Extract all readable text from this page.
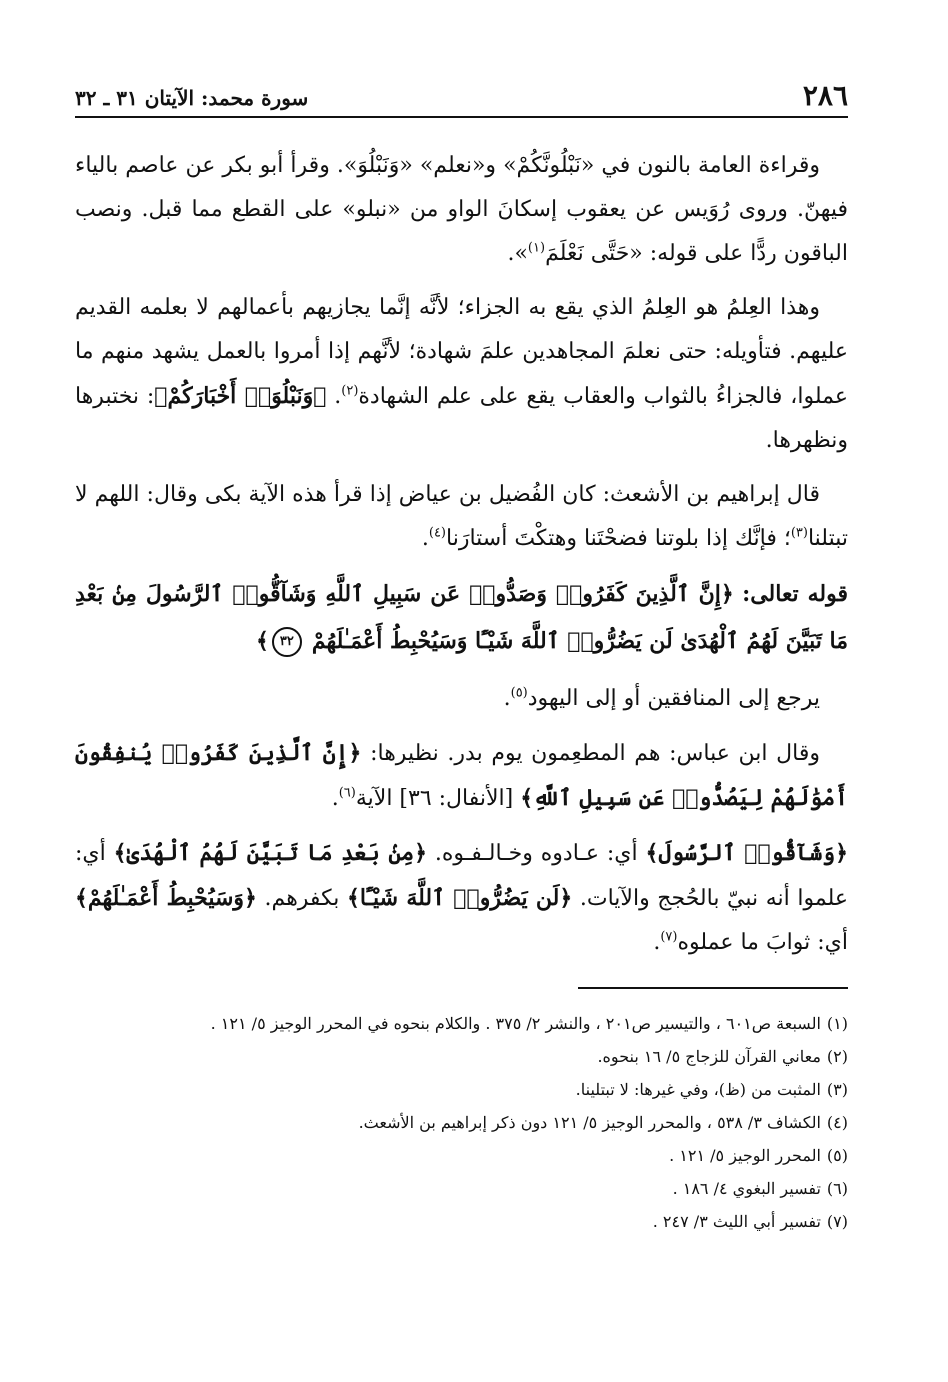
٢٨٦
سورة محمد: الآيتان ٣١ ـ ٣٢

وقراءة العامة بالنون في «نَبْلُونَّكُمْ» و«نعلم» «وَنَبْلُوَ». وقرأ أبو بكر عن عاصم بالياء فيهنّ. وروى رُوَيس عن يعقوب إسكانَ الواو من «نبلو» على القطع مما قبل. ونصب الباقون ردًّا على قوله: «حَتَّى نَعْلَمَ$^{(١)}$».

وهذا العِلمُ هو العِلمُ الذي يقع به الجزاء؛ لأنَّه إنَّما يجازيهم بأعمالهم لا بعلمه القديم عليهم. فتأويله: حتى نعلمَ المجاهدين علمَ شهادة؛ لأنَّهم إذا أمروا بالعمل يشهد منهم ما عملوا، فالجزاءُ بالثواب والعقاب يقع على علم الشهادة$^{(٢)}$. ﴿وَنَبْلُوَا۟ أَخْبَارَكُمْ﴾: نختبرها ونظهرها.

قال إبراهيم بن الأشعث: كان الفُضيل بن عياض إذا قرأ هذه الآية بكى وقال: اللهم لا تبتلنا$^{(٣)}$؛ فإنَّك إذا بلوتنا فضحْتَنا وهتكْتَ أستارَنا$^{(٤)}$.

قوله تعالى: ﴿إِنَّ ٱلَّذِينَ كَفَرُوا۟ وَصَدُّوا۟ عَن سَبِيلِ ٱللَّهِ وَشَآقُّوا۟ ٱلرَّسُولَ مِنۢ بَعْدِ مَا تَبَيَّنَ لَهُمُ ٱلْهُدَىٰ لَن يَضُرُّوا۟ ٱللَّهَ شَيْـًٔا وَسَيُحْبِطُ أَعْمَـٰلَهُمْ ٣٢﴾

يرجع إلى المنافقين أو إلى اليهود$^{(٥)}$.

وقال ابن عباس: هم المطعِمون يوم بدر. نظيرها: ﴿إِنَّ ٱلَّذِينَ كَفَرُوا۟ يُنفِقُونَ أَمْوَٰلَهُمْ لِيَصُدُّوا۟ عَن سَبِيلِ ٱللَّهِ﴾ [الأنفال: ٣٦] الآية$^{(٦)}$.

﴿وَشَآقُّوا۟ ٱلرَّسُولَ﴾ أي: عـادوه وخـالـفـوه. ﴿مِنۢ بَعْدِ مَا تَبَيَّنَ لَهُمُ ٱلْهُدَىٰ﴾ أي: علموا أنه نبيّ بالحُجج والآيات. ﴿لَن يَضُرُّوا۟ ٱللَّهَ شَيْـًٔا﴾ بكفرهم. ﴿وَسَيُحْبِطُ أَعْمَـٰلَهُمْ﴾ أي: ثوابَ ما عملوه$^{(٧)}$.

(١)السبعة ص٦٠١ ، والتيسير ص٢٠١ ، والنشر ٢/ ٣٧٥ . والكلام بنحوه في المحرر الوجيز ٥/ ١٢١ .

(٢)معاني القرآن للزجاج ٥/ ١٦ بنحوه.

(٣)المثبت من (ظ)، وفي غيرها: لا تبتلينا.

(٤)الكشاف ٣/ ٥٣٨ ، والمحرر الوجيز ٥/ ١٢١ دون ذكر إبراهيم بن الأشعث.

(٥)المحرر الوجيز ٥/ ١٢١ .

(٦)تفسير البغوي ٤/ ١٨٦ .

(٧)تفسير أبي الليث ٣/ ٢٤٧ .
